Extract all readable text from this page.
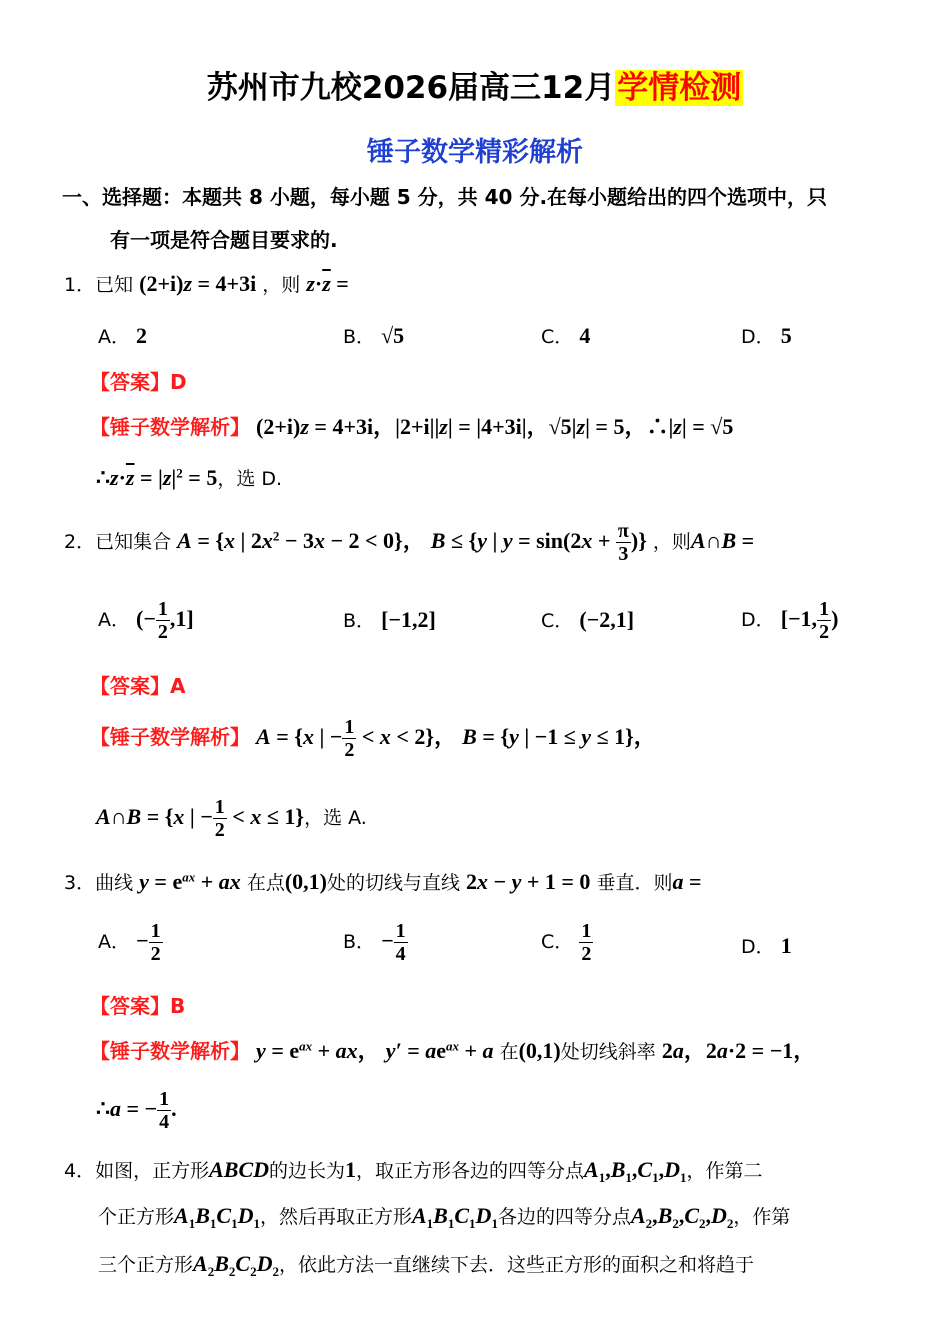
苏州市九校2026届高三12月学情检测
锤子数学精彩解析
一、选择题：本题共 8 小题，每小题 5 分，共 40 分.在每小题给出的四个选项中，只
有一项是符合题目要求的.
1．已知 (2+i)z = 4+3i ，则 $z\cdot\overline{z}$ =
A． 2	B． √5	C． 4	D． 5
【答案】D
【锤子数学解析】 (2+i)z = 4+3i，|2+i||z| = |4+3i|，√5|z| = 5，∴|z| = √5
$\therefore z\cdot\overline{z} = |z|^2 = 5$，选 D.
2．已知集合 A = {x | $2x^2 - 3x - 2 < 0$}， B ≤ {y | $y = \sin(2x + \frac{\pi}{3}$ )} ，则A∩B =
A． (− $\frac{1}{2} ,1$]	B． [−1,2]	C． (−2,1]	D． [−1, $\frac{1}{2}$ )
【答案】A
【锤子数学解析】 A = {x | − $\frac{1}{2} < x < 2$}， B = {y | −1 ≤ y ≤ 1}，
A∩B = {x | − $\frac{1}{2} < x \le 1$}，选 A.
3．曲线 $y = e^{ax}$ + ax 在点(0,1)处的切线与直线 2x − y + 1 = 0 垂直．则a =
A． − $\frac{1}{2}$	B． − $\frac{1}{4}$	C． $\frac{1}{2}$	D． 1
【答案】B
【锤子数学解析】 $y = e^{ax}$ + ax， $y' = ae^{ax} + a$ 在(0,1)处切线斜率 2a，2a·2 = −1，
∴a = − $\frac{1}{4}$ .
4．如图，正方形ABCD的边长为1，取正方形各边的四等分点$A_1,B_1,C_1,D_1$，作第二
个正方形$A_1B_1C_1D_1$，然后再取正方形$A_1B_1C_1D_1$各边的四等分点$A_2,B_2,C_2,D_2$，作第
三个正方形$A_2B_2C_2D_2$，依此方法一直继续下去．这些正方形的面积之和将趋于
